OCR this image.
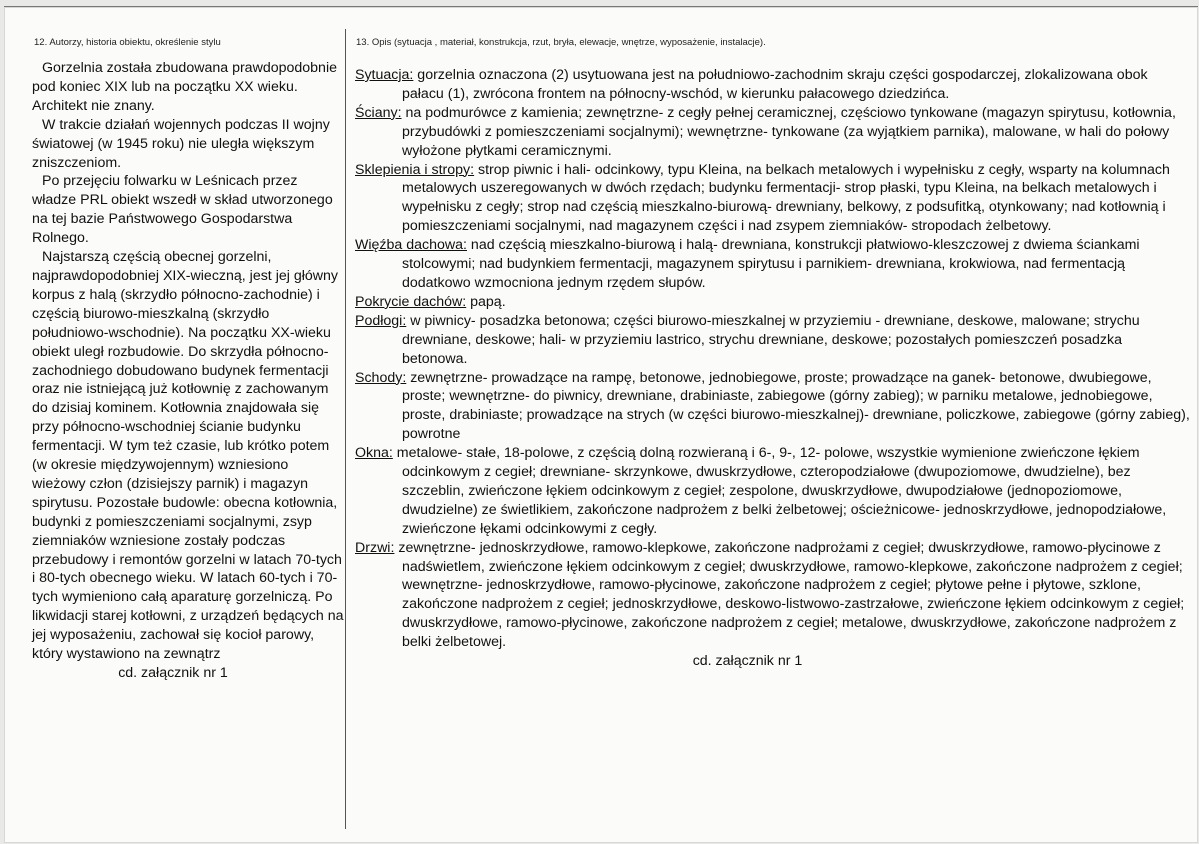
12. Autorzy, historia obiektu, określenie stylu	13. Opis (sytuacja , materiał, konstrukcja, rzut, bryła, elewacje, wnętrze, wyposażenie, instalacje).

Gorzelnia została zbudowana prawdopodobnie pod koniec XIX lub na początku XX wieku. Architekt nie znany.

W trakcie działań wojennych podczas II wojny światowej (w 1945 roku) nie uległa większym zniszczeniom.

Po przejęciu folwarku w Leśnicach przez władze PRL obiekt wszedł w skład utworzonego na tej bazie Państwowego Gospodarstwa Rolnego.

Najstarszą częścią obecnej gorzelni, najprawdopodobniej XIX-wieczną, jest jej główny korpus z halą (skrzydło północno-zachodnie) i częścią biurowo-mieszkalną (skrzydło południowo-wschodnie). Na początku XX-wieku obiekt uległ rozbudowie. Do skrzydła północno-zachodniego dobudowano budynek fermentacji oraz nie istniejącą już kotłownię z zachowanym do dzisiaj kominem. Kotłownia znajdowała się przy północno-wschodniej ścianie budynku fermentacji. W tym też czasie, lub krótko potem (w okresie międzywojennym) wzniesiono wieżowy człon (dzisiejszy parnik) i magazyn spirytusu. Pozostałe budowle: obecna kotłownia, budynki z pomieszczeniami socjalnymi, zsyp ziemniaków wzniesione zostały podczas przebudowy i remontów gorzelni w latach 70-tych i 80-tych obecnego wieku. W latach 60-tych i 70-tych wymieniono całą aparaturę gorzelniczą. Po likwidacji starej kotłowni, z urządzeń będących na jej wyposażeniu, zachował się kocioł parowy, który wystawiono na zewnątrz

cd. załącznik nr 1

Sytuacja: gorzelnia oznaczona (2) usytuowana jest na południowo-zachodnim skraju części gospodarczej, zlokalizowana obok pałacu (1), zwrócona frontem na północny-wschód, w kierunku pałacowego dziedzińca.

Ściany: na podmurówce z kamienia; zewnętrzne- z cegły pełnej ceramicznej, częściowo tynkowane (magazyn spirytusu, kotłownia, przybudówki z pomieszczeniami socjalnymi); wewnętrzne- tynkowane (za wyjątkiem parnika), malowane, w hali do połowy wyłożone płytkami ceramicznymi.

Sklepienia i stropy: strop piwnic i hali- odcinkowy, typu Kleina, na belkach metalowych i wypełnisku z cegły, wsparty na kolumnach metalowych uszeregowanych w dwóch rzędach; budynku fermentacji- strop płaski, typu Kleina, na belkach metalowych i wypełnisku z cegły; strop nad częścią mieszkalno-biurową- drewniany, belkowy, z podsufitką, otynkowany; nad kotłownią i pomieszczeniami socjalnymi, nad magazynem części i nad zsypem ziemniaków- stropodach żelbetowy.

Więźba dachowa: nad częścią mieszkalno-biurową i halą- drewniana, konstrukcji płatwiowo-kleszczowej z dwiema ściankami stolcowymi; nad budynkiem fermentacji, magazynem spirytusu i parnikiem- drewniana, krokwiowa, nad fermentacją dodatkowo wzmocniona jednym rzędem słupów.

Pokrycie dachów: papą.

Podłogi: w piwnicy- posadzka betonowa; części biurowo-mieszkalnej w przyziemiu - drewniane, deskowe, malowane; strychu drewniane, deskowe; hali- w przyziemiu lastrico, strychu drewniane, deskowe; pozostałych pomieszczeń posadzka betonowa.

Schody: zewnętrzne- prowadzące na rampę, betonowe, jednobiegowe, proste; prowadzące na ganek- betonowe, dwubiegowe, proste; wewnętrzne- do piwnicy, drewniane, drabiniaste, zabiegowe (górny zabieg); w parniku metalowe, jednobiegowe, proste, drabiniaste; prowadzące na strych (w części biurowo-mieszkalnej)- drewniane, policzkowe, zabiegowe (górny zabieg), powrotne

Okna: metalowe- stałe, 18-polowe, z częścią dolną rozwieraną i 6-, 9-, 12- polowe, wszystkie wymienione zwieńczone łękiem odcinkowym z cegieł; drewniane- skrzynkowe, dwuskrzydłowe, czteropodziałowe (dwupoziomowe, dwudzielne), bez szczeblin, zwieńczone łękiem odcinkowym z cegieł; zespolone, dwuskrzydłowe, dwupodziałowe (jednopoziomowe, dwudzielne) ze świetlikiem, zakończone nadprożem z belki żelbetowej; ościeżnicowe- jednoskrzydłowe, jednopodziałowe, zwieńczone łękami odcinkowymi z cegły.

Drzwi: zewnętrzne- jednoskrzydłowe, ramowo-klepkowe, zakończone nadprożami z cegieł; dwuskrzydłowe, ramowo-płycinowe z nadświetlem, zwieńczone łękiem odcinkowym z cegieł; dwuskrzydłowe, ramowo-klepkowe, zakończone nadprożem z cegieł; wewnętrzne- jednoskrzydłowe, ramowo-płycinowe, zakończone nadprożem z cegieł; płytowe pełne i płytowe, szklone, zakończone nadprożem z cegieł; jednoskrzydłowe, deskowo-listwowo-zastrzałowe, zwieńczone łękiem odcinkowym z cegieł; dwuskrzydłowe, ramowo-płycinowe, zakończone nadprożem z cegieł; metalowe, dwuskrzydłowe, zakończone nadprożem z belki żelbetowej.

cd. załącznik nr 1
